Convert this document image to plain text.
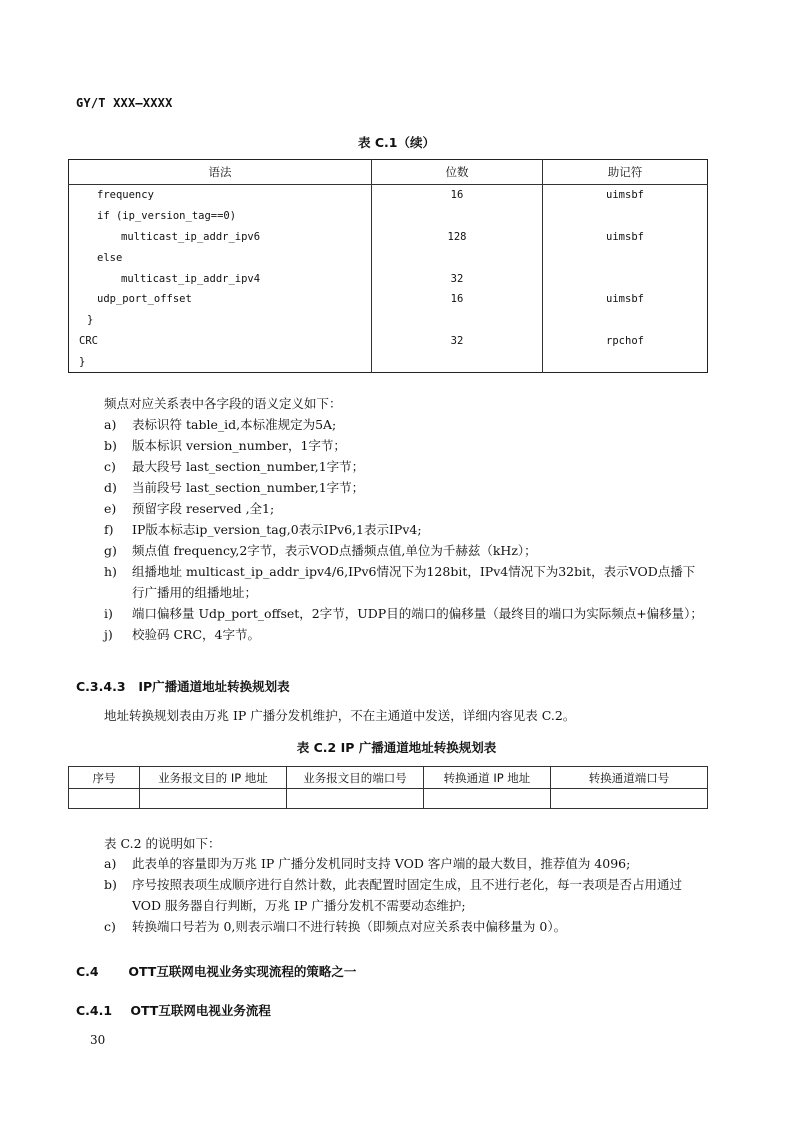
GY/T XXX—XXXX
表 C.1（续）
语法	位数	助记符
frequency	16	uimsbf
if (ip_version_tag==0)		
multicast_ip_addr_ipv6	128	uimsbf
else		
multicast_ip_addr_ipv4	32	
udp_port_offset	16	uimsbf
}		
CRC	32	rpchof
}		
频点对应关系表中各字段的语义定义如下：
a) 表标识符 table_id,本标准规定为5A;
b) 版本标识 version_number，1字节；
c) 最大段号 last_section_number,1字节；
d) 当前段号 last_section_number,1字节；
e) 预留字段 reserved ,全1;
f) IP版本标志ip_version_tag,0表示IPv6,1表示IPv4;
g) 频点值 frequency,2字节，表示VOD点播频点值,单位为千赫兹（kHz）；
h) 组播地址 multicast_ip_addr_ipv4/6,IPv6情况下为128bit，IPv4情况下为32bit，表示VOD点播下行广播用的组播地址；
i) 端口偏移量 Udp_port_offset，2字节，UDP目的端口的偏移量（最终目的端口为实际频点+偏移量）；
j) 校验码 CRC，4字节。
C.3.4.3 IP广播通道地址转换规划表
地址转换规划表由万兆 IP 广播分发机维护，不在主通道中发送，详细内容见表 C.2。
表 C.2 IP 广播通道地址转换规划表
序号	业务报文目的 IP 地址	业务报文目的端口号	转换通道 IP 地址	转换通道端口号

表 C.2 的说明如下：
a) 此表单的容量即为万兆 IP 广播分发机同时支持 VOD 客户端的最大数目，推荐值为 4096;
b) 序号按照表项生成顺序进行自然计数，此表配置时固定生成，且不进行老化，每一表项是否占用通过 VOD 服务器自行判断，万兆 IP 广播分发机不需要动态维护;
c) 转换端口号若为 0,则表示端口不进行转换（即频点对应关系表中偏移量为 0）。
C.4 OTT互联网电视业务实现流程的策略之一
C.4.1 OTT互联网电视业务流程
30
